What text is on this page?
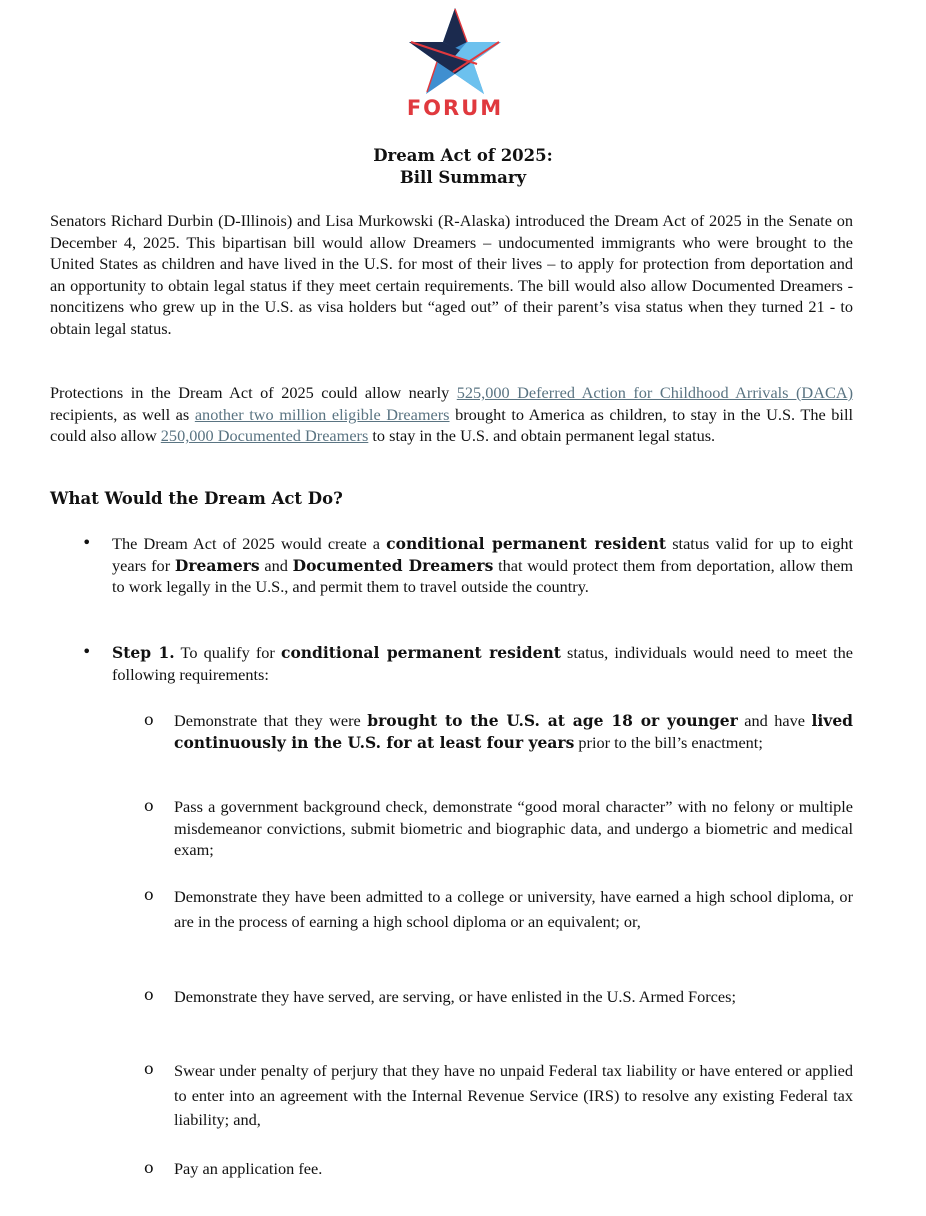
FORUM
Dream Act of 2025:
Bill Summary

Senators Richard Durbin (D-Illinois) and Lisa Murkowski (R-Alaska) introduced the Dream Act of 2025 in the Senate on December 4, 2025. This bipartisan bill would allow Dreamers – undocumented immigrants who were brought to the United States as children and have lived in the U.S. for most of their lives – to apply for protection from deportation and an opportunity to obtain legal status if they meet certain requirements. The bill would also allow Documented Dreamers - noncitizens who grew up in the U.S. as visa holders but “aged out” of their parent’s visa status when they turned 21 - to obtain legal status.

Protections in the Dream Act of 2025 could allow nearly 525,000 Deferred Action for Childhood Arrivals (DACA) recipients, as well as another two million eligible Dreamers brought to America as children, to stay in the U.S. The bill could also allow 250,000 Documented Dreamers to stay in the U.S. and obtain permanent legal status.

What Would the Dream Act Do?
• The Dream Act of 2025 would create a conditional permanent resident status valid for up to eight years for Dreamers and Documented Dreamers that would protect them from deportation, allow them to work legally in the U.S., and permit them to travel outside the country.
• Step 1. To qualify for conditional permanent resident status, individuals would need to meet the following requirements:
o Demonstrate that they were brought to the U.S. at age 18 or younger and have lived continuously in the U.S. for at least four years prior to the bill’s enactment;
o Pass a government background check, demonstrate “good moral character” with no felony or multiple misdemeanor convictions, submit biometric and biographic data, and undergo a biometric and medical exam;
o Demonstrate they have been admitted to a college or university, have earned a high school diploma, or are in the process of earning a high school diploma or an equivalent; or,
o Demonstrate they have served, are serving, or have enlisted in the U.S. Armed Forces;
o Swear under penalty of perjury that they have no unpaid Federal tax liability or have entered or applied to enter into an agreement with the Internal Revenue Service (IRS) to resolve any existing Federal tax liability; and,
o Pay an application fee.
